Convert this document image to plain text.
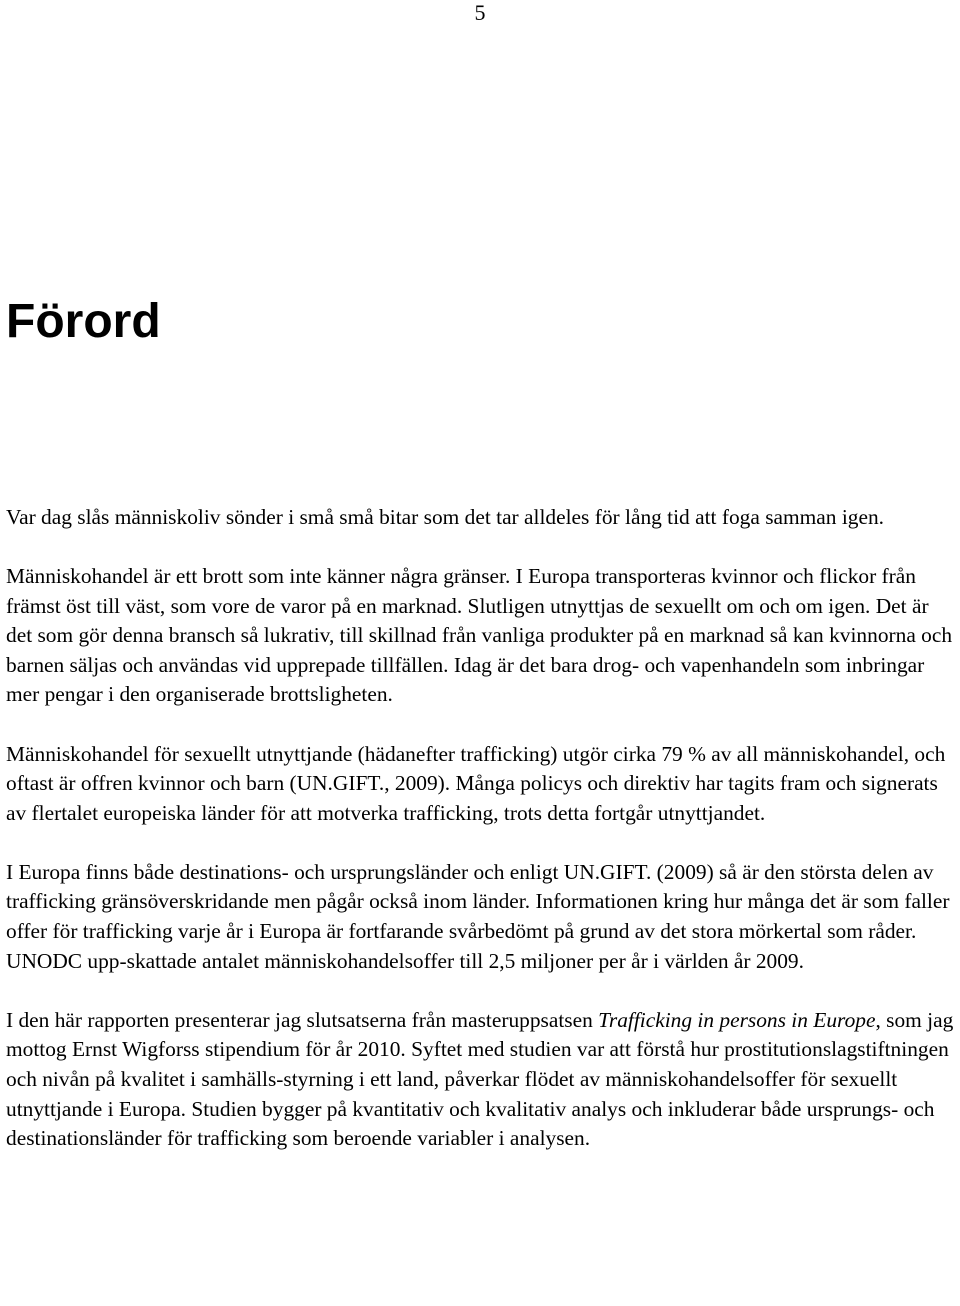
5
Förord

Var dag slås människoliv sönder i små små bitar som det tar alldeles för lång tid att foga samman igen.

Människohandel är ett brott som inte känner några gränser. I Europa transporteras kvinnor och flickor från främst öst till väst, som vore de varor på en marknad. Slutligen utnyttjas de sexuellt om och om igen. Det är det som gör denna bransch så lukrativ, till skillnad från vanliga produkter på en marknad så kan kvinnorna och barnen säljas och användas vid upprepade tillfällen. Idag är det bara drog- och vapenhandeln som inbringar mer pengar i den organiserade brottsligheten.

Människohandel för sexuellt utnyttjande (hädanefter trafficking) utgör cirka 79 % av all människohandel, och oftast är offren kvinnor och barn (UN.GIFT., 2009). Många policys och direktiv har tagits fram och signerats av flertalet europeiska länder för att motverka trafficking, trots detta fortgår utnyttjandet.

I Europa finns både destinations- och ursprungsländer och enligt UN.GIFT. (2009) så är den största delen av trafficking gränsöverskridande men pågår också inom länder. Informationen kring hur många det är som faller offer för trafficking varje år i Europa är fortfarande svårbedömt på grund av det stora mörkertal som råder. UNODC upp-skattade antalet människohandelsoffer till 2,5 miljoner per år i världen år 2009.

I den här rapporten presenterar jag slutsatserna från masteruppsatsen Trafficking in persons in Europe, som jag mottog Ernst Wigforss stipendium för år 2010. Syftet med studien var att förstå hur prostitutionslagstiftningen och nivån på kvalitet i samhälls-styrning i ett land, påverkar flödet av människohandelsoffer för sexuellt utnyttjande i Europa. Studien bygger på kvantitativ och kvalitativ analys och inkluderar både ursprungs- och destinationsländer för trafficking som beroende variabler i analysen.
